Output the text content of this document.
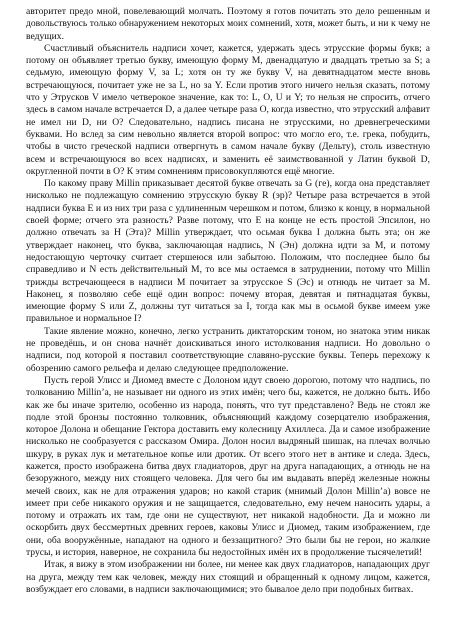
авторитет предо мной, повелевающий молчать. Поэтому я готов почитать это дело решенным и довольствуюсь только обнаружением некоторых моих сомнений, хотя, может быть, и ни к чему не ведущих.

Счастливый объяснитель надписи хочет, кажется, удержать здесь этрусские формы букв; а потому он объявляет третью букву, имеющую форму М, двенадцатую и двадцать третью за S; а седьмую, имеющую форму V, за L; хотя он ту же букву V, на девятнадцатом месте вновь встречающуюся, почитает уже не за L, но за Y. Если против этого ничего нельзя сказать, потому что у Этрусков V имело четверокое значение, как то: L, O, U и Y; то нельзя не спросить, отчего здесь в самом начале встречается D, а далее четыре раза O, когда известно, что этрусский алфавит не имел ни D, ни O? Следовательно, надпись писана не этрусскими, но древнегреческими буквами. Но вслед за сим невольно является второй вопрос: что могло его, т.е. грека, побудить, чтобы в чисто греческой надписи отвергнуть в самом начале букву (Дельту), столь известную всем и встречающуюся во всех надписях, и заменить её заимствованной у Латин буквой D, округленной почти в O? К этим сомнениям присовокупляются ещё многие.

По какому праву Millin приказывает десятой букве отвечать за G (гe), когда она представляет нисколько не подлежащую сомнению этрусскую букву R (эр)? Четыре раза встречается в этой надписи буква E и из них три раза с удлиненным черешком и потом, близко к концу, в нормальной своей форме; отчего эта разность? Разве потому, что E на конце не есть простой Эпсилон, но должно отвечать за H (Эта)? Millin утверждает, что осьмая буква I должна быть эта; он же утверждает наконец, что буква, заключающая надпись, N (Эн) должна идти за M, и потому недостающую черточку считает стершеюся или забытою. Положим, что последнее было бы справедливо и N есть действительный M, то все мы остаемся в затруднении, потому что Millin трижды встречающееся в надписи M почитает за этрусское S (Эс) и отнюдь не читает за M. Наконец, я позволяю себе ещё один вопрос: почему вторая, девятая и пятнадцатая буквы, имеющие форму S или Z, должны тут читаться за I, тогда как мы в осьмой букве имеем уже правильное и нормальное I?

Такие явление можно, конечно, легко устранить диктаторским тоном, но знатока этим никак не проведёшь, и он снова начнёт доискиваться иного истолкования надписи. Но довольно о надписи, под которой я поставил соответствующие славяно-русские буквы. Теперь перехожу к обозрению самого рельефа и делаю следующее предположение.

Пусть герой Улисс и Диомед вместе с Долоном идут своею дорогою, потому что надпись, по толкованию Millin’а, не называет ни одного из этих имён; чего бы, кажется, не должно быть. Ибо как же бы иначе зрителю, особенно из народа, понять, что тут представлено? Ведь не стоял же подле этой бронзы постоянно толковник, объясняющий каждому созерцателю изображения, которое Долона и обещание Гектора доставить ему колесницу Ахиллеса. Да и самое изображение нисколько не сообразуется с рассказом Омира. Долон носил выдряный шишак, на плечах волчью шкуру, в руках лук и метательное копье или дротик. От всего этого нет в антике и следа. Здесь, кажется, просто изображена битва двух гладиаторов, друг на друга нападающих, а отнюдь не на безоружного, между них стоящего человека. Для чего бы им выдавать вперёд железные ножны мечей своих, как не для отражения ударов; но какой старик (мнимый Долон Millin’а) вовсе не имеет при себе никакого оружия и не защищается, следовательно, ему нечем наносить удары, а потому и отражать их там, где они не существуют, нет никакой надобности. Да и можно ли оскорбить двух бессмертных древних героев, каковы Улисс и Диомед, таким изображением, где они, оба вооружённые, нападают на одного и беззащитного? Это были бы не герои, но жалкие трусы, и история, наверное, не сохранила бы недостойных имён их в продолжение тысячелетий!

Итак, я вижу в этом изображении ни более, ни менее как двух гладиаторов, нападающих друг на друга, между тем как человек, между них стоящий и обращенный к одному лицом, кажется, возбуждает его словами, в надписи заключающимися; это бывалое дело при подобных битвах.
